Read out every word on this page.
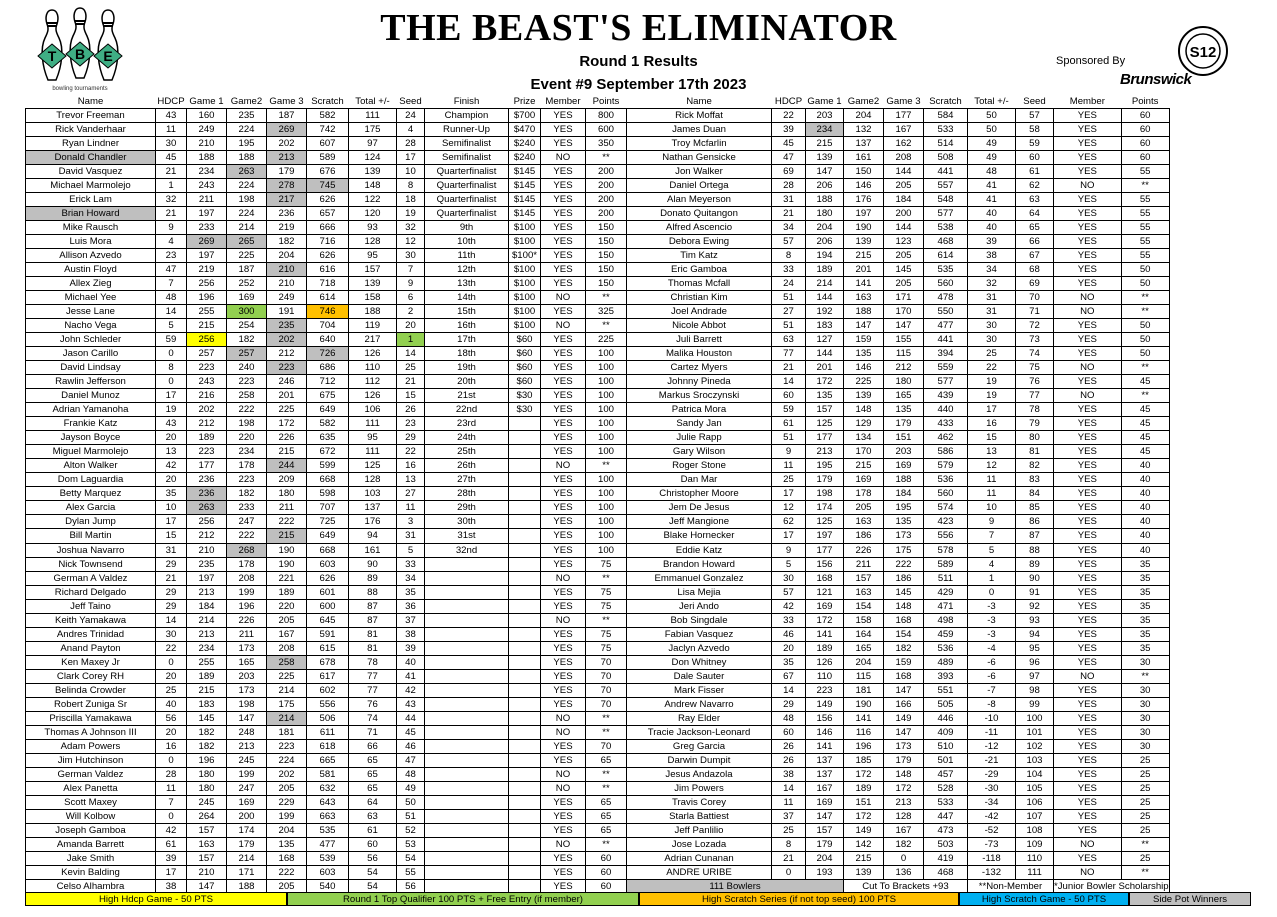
T B E
bowling tournaments
THE BEAST'S ELIMINATOR
Round 1 Results
Event #9 September 17th 2023
Sponsored By
Brunswick
S12
Name	HDCP	Game 1	Game2	Game 3	Scratch	Total +/-	Seed	Finish	Prize	Member	Points	Name	HDCP	Game 1	Game2	Game 3	Scratch	Total +/-	Seed	Member	Points
Trevor Freeman	43	160	235	187	582	111	24	Champion	$700	YES	800	Rick Moffat	22	203	204	177	584	50	57	YES	60
Rick Vanderhaar	11	249	224	269	742	175	4	Runner-Up	$470	YES	600	James Duan	39	234	132	167	533	50	58	YES	60
Ryan Lindner	30	210	195	202	607	97	28	Semifinalist	$240	YES	350	Troy Mcfarlin	45	215	137	162	514	49	59	YES	60
Donald Chandler	45	188	188	213	589	124	17	Semifinalist	$240	NO	**	Nathan Gensicke	47	139	161	208	508	49	60	YES	60
David Vasquez	21	234	263	179	676	139	10	Quarterfinalist	$145	YES	200	Jon Walker	69	147	150	144	441	48	61	YES	55
Michael Marmolejo	1	243	224	278	745	148	8	Quarterfinalist	$145	YES	200	Daniel Ortega	28	206	146	205	557	41	62	NO	**
Erick Lam	32	211	198	217	626	122	18	Quarterfinalist	$145	YES	200	Alan Meyerson	31	188	176	184	548	41	63	YES	55
Brian Howard	21	197	224	236	657	120	19	Quarterfinalist	$145	YES	200	Donato Quitangon	21	180	197	200	577	40	64	YES	55
Mike Rausch	9	233	214	219	666	93	32	9th	$100	YES	150	Alfred Ascencio	34	204	190	144	538	40	65	YES	55
Luis Mora	4	269	265	182	716	128	12	10th	$100	YES	150	Debora Ewing	57	206	139	123	468	39	66	YES	55
Allison Azvedo	23	197	225	204	626	95	30	11th	$100*	YES	150	Tim Katz	8	194	215	205	614	38	67	YES	55
Austin Floyd	47	219	187	210	616	157	7	12th	$100	YES	150	Eric Gamboa	33	189	201	145	535	34	68	YES	50
Allex Zieg	7	256	252	210	718	139	9	13th	$100	YES	150	Thomas Mcfall	24	214	141	205	560	32	69	YES	50
Michael Yee	48	196	169	249	614	158	6	14th	$100	NO	**	Christian Kim	51	144	163	171	478	31	70	NO	**
Jesse Lane	14	255	300	191	746	188	2	15th	$100	YES	325	Joel Andrade	27	192	188	170	550	31	71	NO	**
Nacho Vega	5	215	254	235	704	119	20	16th	$100	NO	**	Nicole Abbot	51	183	147	147	477	30	72	YES	50
John Schleder	59	256	182	202	640	217	1	17th	$60	YES	225	Juli Barrett	63	127	159	155	441	30	73	YES	50
Jason Carillo	0	257	257	212	726	126	14	18th	$60	YES	100	Malika Houston	77	144	135	115	394	25	74	YES	50
David Lindsay	8	223	240	223	686	110	25	19th	$60	YES	100	Cartez Myers	21	201	146	212	559	22	75	NO	**
Rawlin Jefferson	0	243	223	246	712	112	21	20th	$60	YES	100	Johnny Pineda	14	172	225	180	577	19	76	YES	45
Daniel Munoz	17	216	258	201	675	126	15	21st	$30	YES	100	Markus Sroczynski	60	135	139	165	439	19	77	NO	**
Adrian Yamanoha	19	202	222	225	649	106	26	22nd	$30	YES	100	Patrica Mora	59	157	148	135	440	17	78	YES	45
Frankie Katz	43	212	198	172	582	111	23	23rd		YES	100	Sandy Jan	61	125	129	179	433	16	79	YES	45
Jayson Boyce	20	189	220	226	635	95	29	24th		YES	100	Julie Rapp	51	177	134	151	462	15	80	YES	45
Miguel Marmolejo	13	223	234	215	672	111	22	25th		YES	100	Gary Wilson	9	213	170	203	586	13	81	YES	45
Alton Walker	42	177	178	244	599	125	16	26th		NO	**	Roger Stone	11	195	215	169	579	12	82	YES	40
Dom Laguardia	20	236	223	209	668	128	13	27th		YES	100	Dan Mar	25	179	169	188	536	11	83	YES	40
Betty Marquez	35	236	182	180	598	103	27	28th		YES	100	Christopher Moore	17	198	178	184	560	11	84	YES	40
Alex Garcia	10	263	233	211	707	137	11	29th		YES	100	Jem De Jesus	12	174	205	195	574	10	85	YES	40
Dylan Jump	17	256	247	222	725	176	3	30th		YES	100	Jeff Mangione	62	125	163	135	423	9	86	YES	40
Bill Martin	15	212	222	215	649	94	31	31st		YES	100	Blake Hornecker	17	197	186	173	556	7	87	YES	40
Joshua Navarro	31	210	268	190	668	161	5	32nd		YES	100	Eddie Katz	9	177	226	175	578	5	88	YES	40
Nick Townsend	29	235	178	190	603	90	33			YES	75	Brandon Howard	5	156	211	222	589	4	89	YES	35
German A Valdez	21	197	208	221	626	89	34			NO	**	Emmanuel Gonzalez	30	168	157	186	511	1	90	YES	35
Richard Delgado	29	213	199	189	601	88	35			YES	75	Lisa Mejia	57	121	163	145	429	0	91	YES	35
Jeff Taino	29	184	196	220	600	87	36			YES	75	Jeri Ando	42	169	154	148	471	-3	92	YES	35
Keith Yamakawa	14	214	226	205	645	87	37			NO	**	Bob Singdale	33	172	158	168	498	-3	93	YES	35
Andres Trinidad	30	213	211	167	591	81	38			YES	75	Fabian Vasquez	46	141	164	154	459	-3	94	YES	35
Anand Payton	22	234	173	208	615	81	39			YES	75	Jaclyn Azvedo	20	189	165	182	536	-4	95	YES	35
Ken Maxey Jr	0	255	165	258	678	78	40			YES	70	Don Whitney	35	126	204	159	489	-6	96	YES	30
Clark Corey RH	20	189	203	225	617	77	41			YES	70	Dale Sauter	67	110	115	168	393	-6	97	NO	**
Belinda Crowder	25	215	173	214	602	77	42			YES	70	Mark Fisser	14	223	181	147	551	-7	98	YES	30
Robert Zuniga Sr	40	183	198	175	556	76	43			YES	70	Andrew Navarro	29	149	190	166	505	-8	99	YES	30
Priscilla Yamakawa	56	145	147	214	506	74	44			NO	**	Ray Elder	48	156	141	149	446	-10	100	YES	30
Thomas A Johnson III	20	182	248	181	611	71	45			NO	**	Tracie Jackson-Leonard	60	146	116	147	409	-11	101	YES	30
Adam Powers	16	182	213	223	618	66	46			YES	70	Greg Garcia	26	141	196	173	510	-12	102	YES	30
Jim Hutchinson	0	196	245	224	665	65	47			YES	65	Darwin Dumpit	26	137	185	179	501	-21	103	YES	25
German Valdez	28	180	199	202	581	65	48			NO	**	Jesus Andazola	38	137	172	148	457	-29	104	YES	25
Alex Panetta	11	180	247	205	632	65	49			NO	**	Jim Powers	14	167	189	172	528	-30	105	YES	25
Scott Maxey	7	245	169	229	643	64	50			YES	65	Travis Corey	11	169	151	213	533	-34	106	YES	25
Will Kolbow	0	264	200	199	663	63	51			YES	65	Starla Battiest	37	147	172	128	447	-42	107	YES	25
Joseph Gamboa	42	157	174	204	535	61	52			YES	65	Jeff Panlilio	25	157	149	167	473	-52	108	YES	25
Amanda Barrett	61	163	179	135	477	60	53			NO	**	Jose Lozada	8	179	142	182	503	-73	109	NO	**
Jake Smith	39	157	214	168	539	56	54			YES	60	Adrian Cunanan	21	204	215	0	419	-118	110	YES	25
Kevin Balding	17	210	171	222	603	54	55			YES	60	ANDRE URIBE	0	193	139	136	468	-132	111	NO	**
Celso Alhambra	38	147	188	205	540	54	56			YES	60	111 Bowlers			Cut To Brackets +93			**Non-Member		*Junior Bowler Scholarship	
High Hdcp Game - 50 PTS	Round 1 Top Qualifier 100 PTS + Free Entry (if member)	High Scratch Series (if not top seed) 100 PTS	High Scratch Game - 50 PTS	Side Pot Winners
